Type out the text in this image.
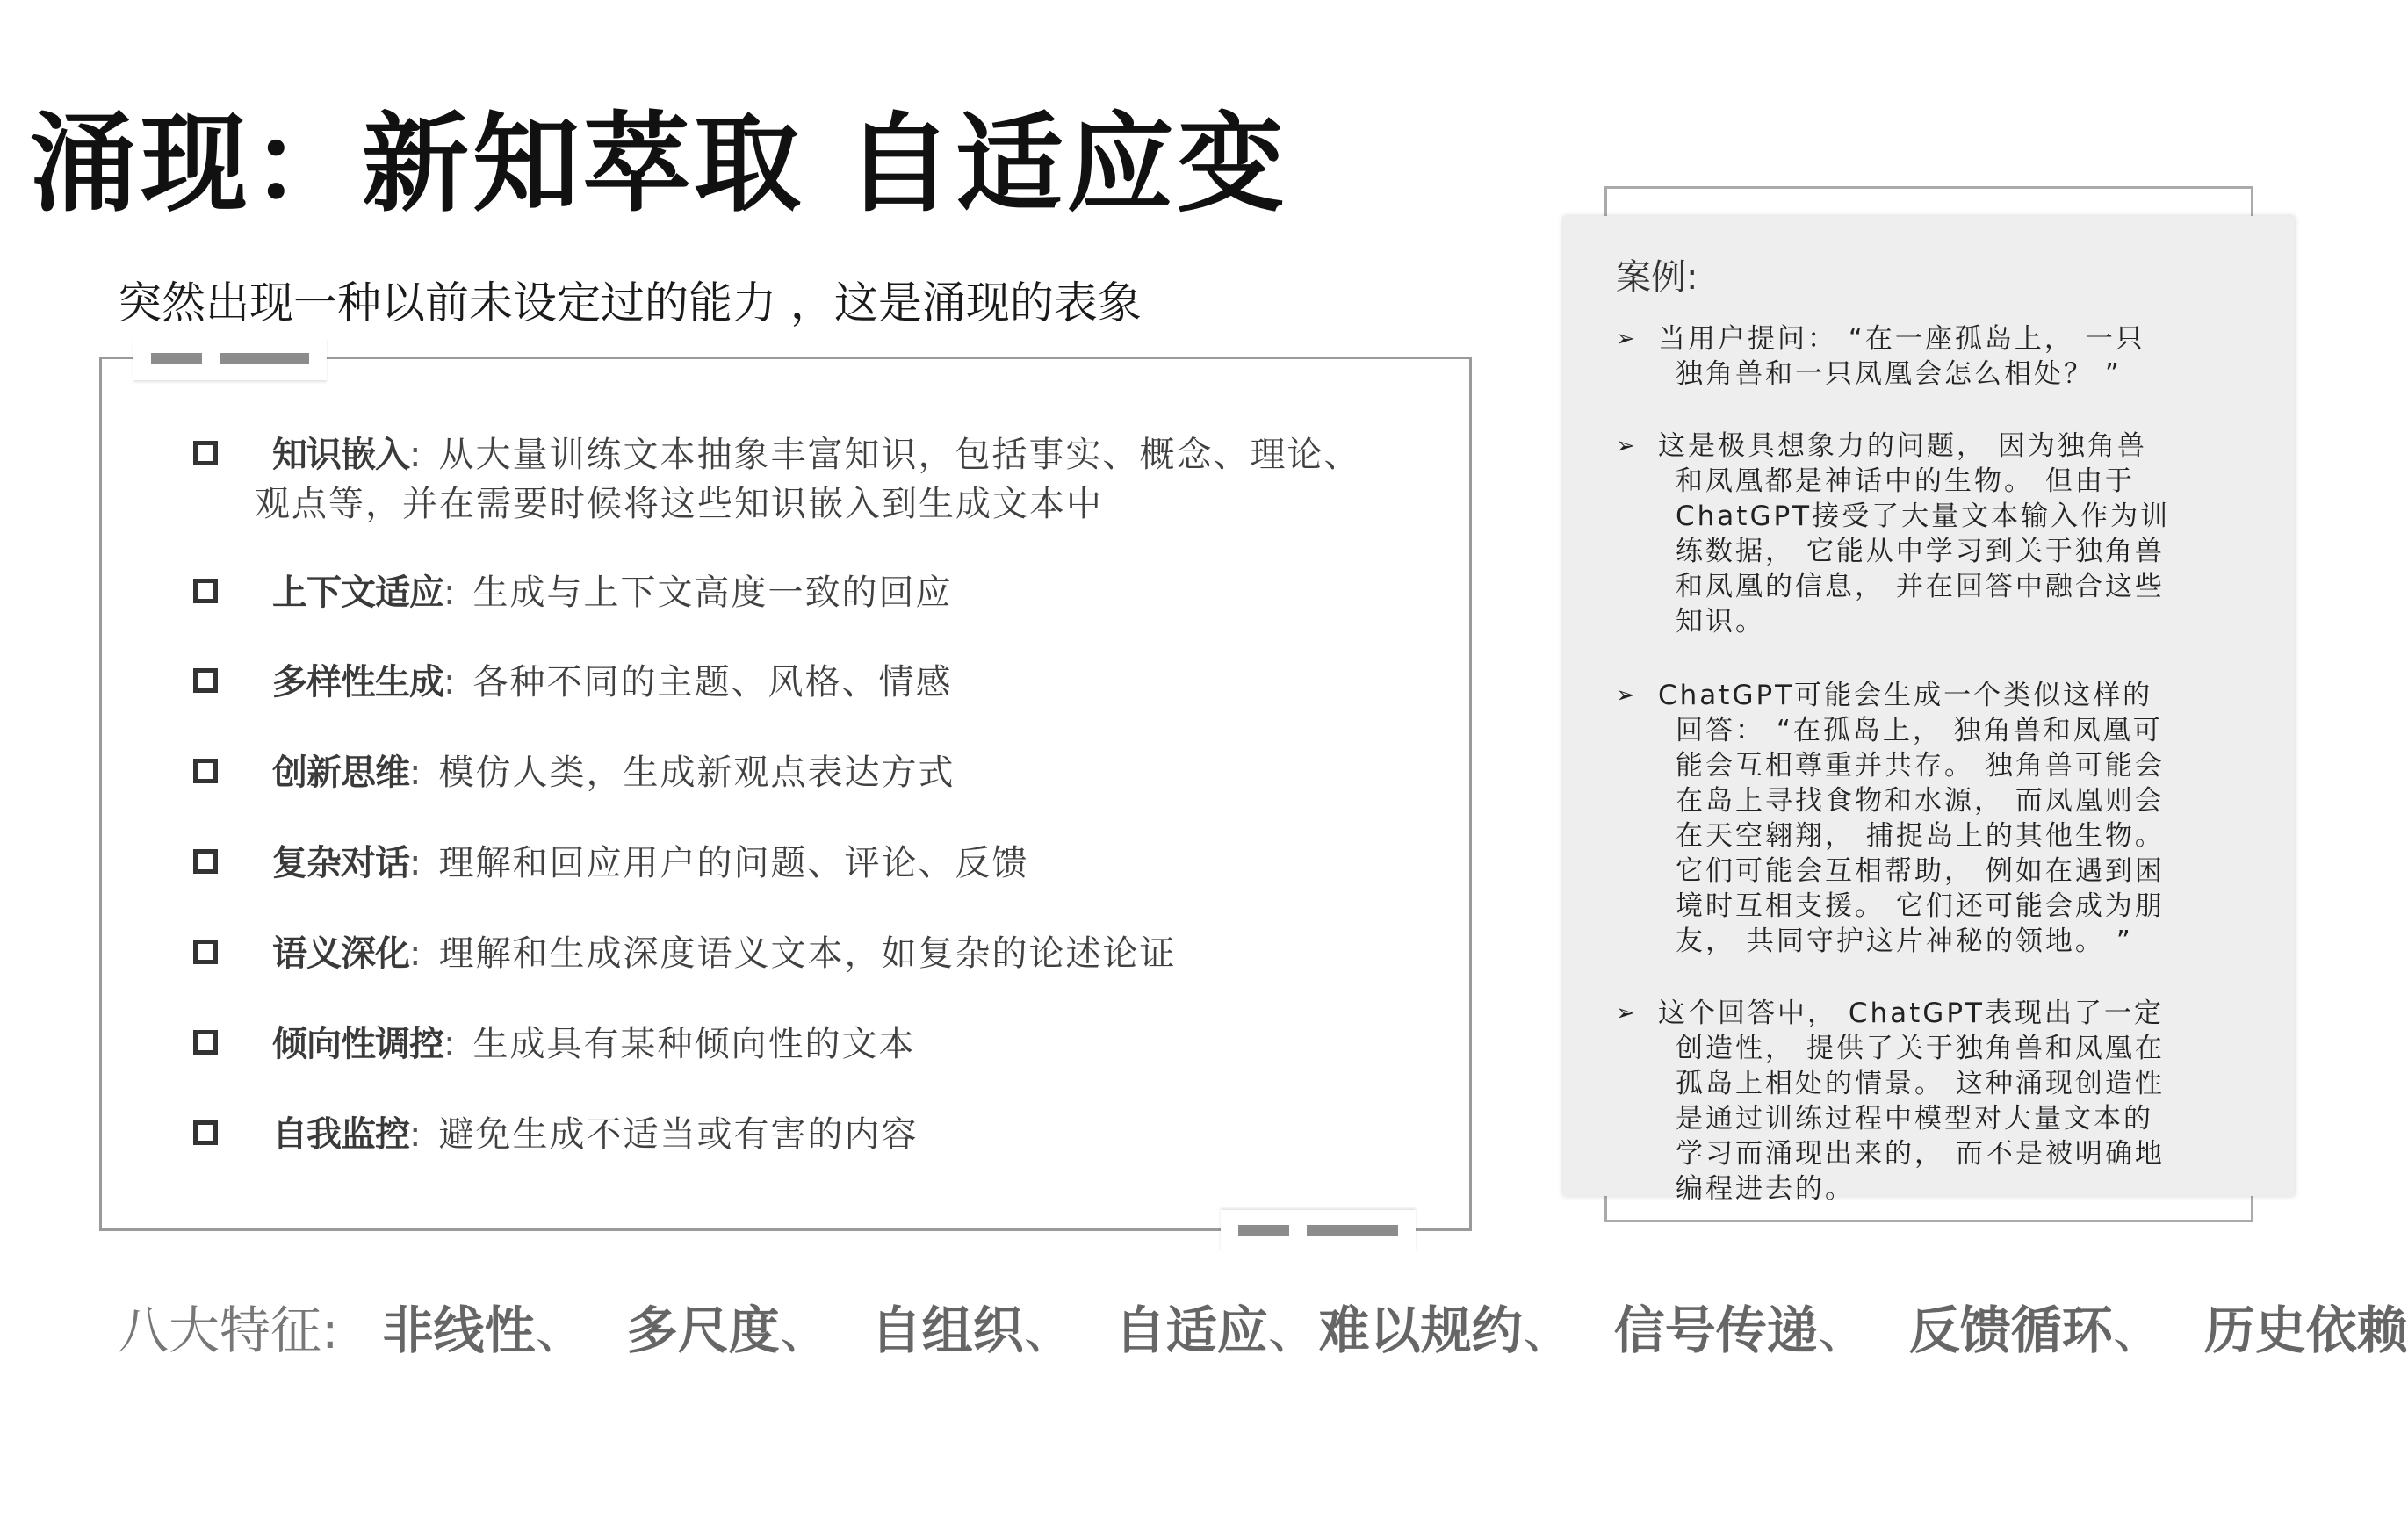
涌现：新知萃取 自适应变
突然出现一种以前未设定过的能力 ，这是涌现的表象
知识嵌入: 从大量训练文本抽象丰富知识，包括事实、概念、理论、
观点等，并在需要时候将这些知识嵌入到生成文本中
上下文适应: 生成与上下文高度一致的回应
多样性生成: 各种不同的主题、风格、情感
创新思维: 模仿人类，生成新观点表达方式
复杂对话: 理解和回应用户的问题、评论、反馈
语义深化: 理解和生成深度语义文本，如复杂的论述论证
倾向性调控: 生成具有某种倾向性的文本
自我监控: 避免生成不适当或有害的内容
案例:
➢ 当用户提问： “在一座孤岛上， 一只
独角兽和一只凤凰会怎么相处？ ”
➢ 这是极具想象力的问题， 因为独角兽
和凤凰都是神话中的生物。 但由于
ChatGPT接受了大量文本输入作为训
练数据， 它能从中学习到关于独角兽
和凤凰的信息， 并在回答中融合这些
知识。
➢ ChatGPT可能会生成一个类似这样的
回答： “在孤岛上， 独角兽和凤凰可
能会互相尊重并共存。 独角兽可能会
在岛上寻找食物和水源， 而凤凰则会
在天空翱翔， 捕捉岛上的其他生物。
它们可能会互相帮助， 例如在遇到困
境时互相支援。 它们还可能会成为朋
友， 共同守护这片神秘的领地。 ”
➢ 这个回答中， ChatGPT表现出了一定
创造性， 提供了关于独角兽和凤凰在
孤岛上相处的情景。 这种涌现创造性
是通过训练过程中模型对大量文本的
学习而涌现出来的， 而不是被明确地
编程进去的。
八大特征: 非线性、 多尺度、 自组织、 自适应、难以规约、 信号传递、 反馈循环、 历史依赖
